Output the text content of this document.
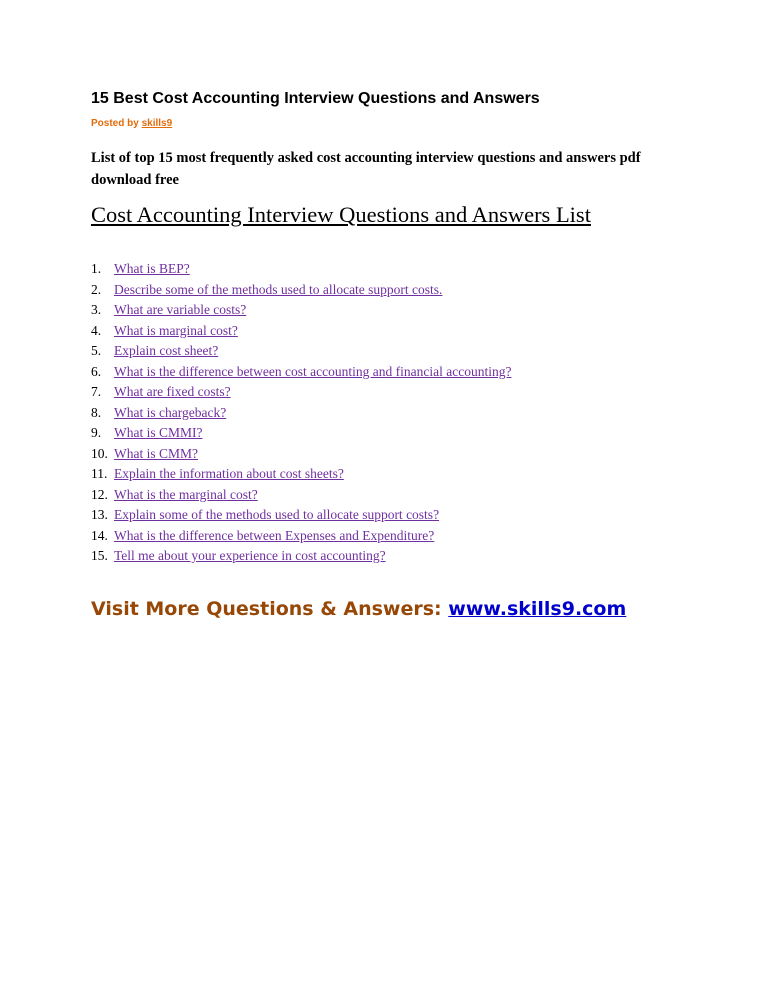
15 Best Cost Accounting Interview Questions and Answers
Posted by skills9

List of top 15 most frequently asked cost accounting interview questions and answers pdf download free

Cost Accounting Interview Questions and Answers List
1. What is BEP?
2. Describe some of the methods used to allocate support costs.
3. What are variable costs?
4. What is marginal cost?
5. Explain cost sheet?
6. What is the difference between cost accounting and financial accounting?
7. What are fixed costs?
8. What is chargeback?
9. What is CMMI?
10. What is CMM?
11. Explain the information about cost sheets?
12. What is the marginal cost?
13. Explain some of the methods used to allocate support costs?
14. What is the difference between Expenses and Expenditure?
15. Tell me about your experience in cost accounting?

Visit More Questions & Answers: www.skills9.com
